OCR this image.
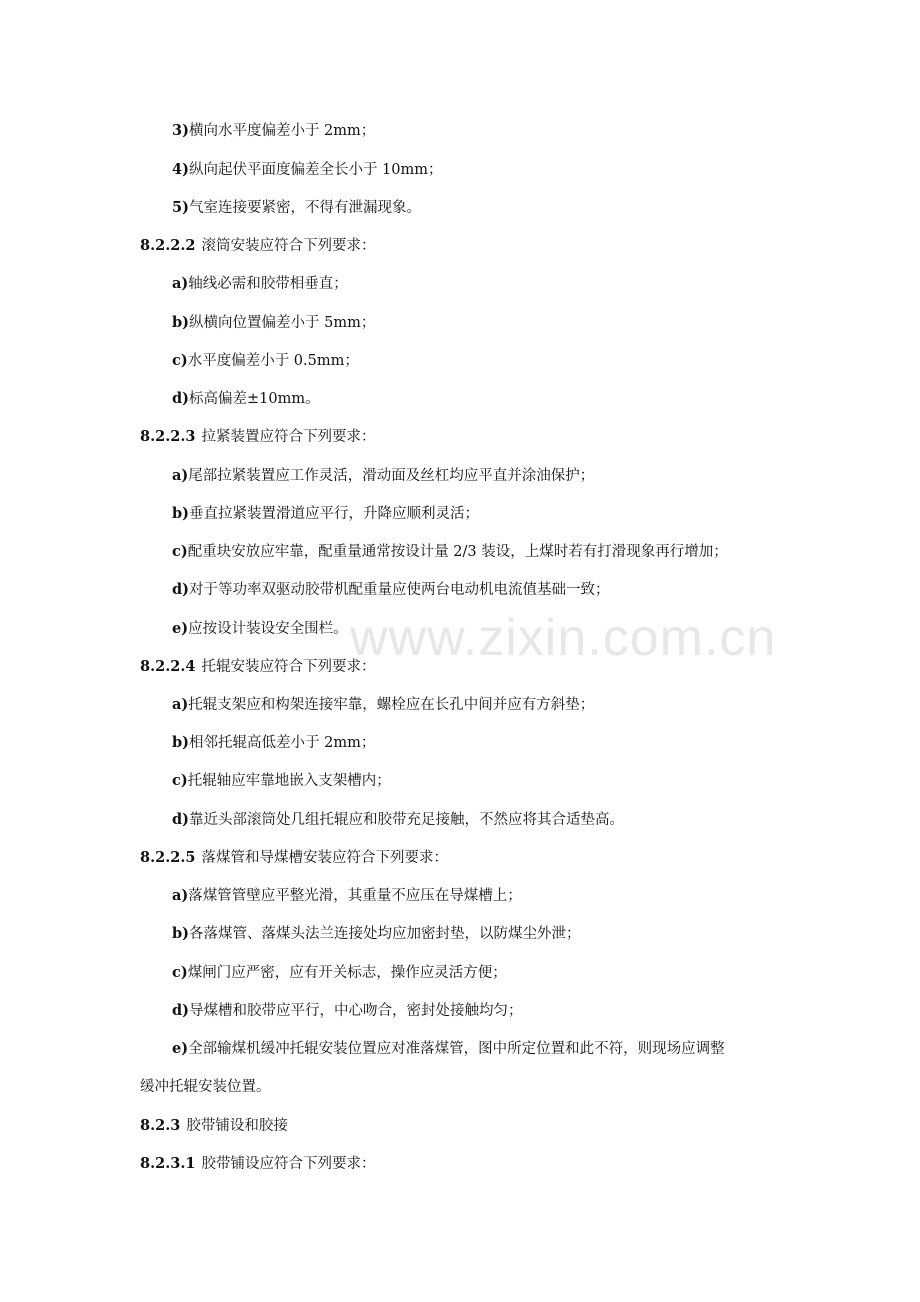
www.zixin.com.cn
3)横向水平度偏差小于 2mm；
4)纵向起伏平面度偏差全长小于 10mm；
5)气室连接要紧密，不得有泄漏现象。
8.2.2.2 滚筒安装应符合下列要求：
a)轴线必需和胶带相垂直；
b)纵横向位置偏差小于 5mm；
c)水平度偏差小于 0.5mm；
d)标高偏差±10mm。
8.2.2.3 拉紧装置应符合下列要求：
a)尾部拉紧装置应工作灵活，滑动面及丝杠均应平直并涂油保护；
b)垂直拉紧装置滑道应平行，升降应顺利灵活；
c)配重块安放应牢靠，配重量通常按设计量 2/3 装设，上煤时若有打滑现象再行增加；
d)对于等功率双驱动胶带机配重量应使两台电动机电流值基础一致；
e)应按设计装设安全围栏。
8.2.2.4 托辊安装应符合下列要求：
a)托辊支架应和构架连接牢靠，螺栓应在长孔中间并应有方斜垫；
b)相邻托辊高低差小于 2mm；
c)托辊轴应牢靠地嵌入支架槽内；
d)靠近头部滚筒处几组托辊应和胶带充足接触，不然应将其合适垫高。
8.2.2.5 落煤管和导煤槽安装应符合下列要求：
a)落煤管管壁应平整光滑，其重量不应压在导煤槽上；
b)各落煤管、落煤头法兰连接处均应加密封垫，以防煤尘外泄；
c)煤闸门应严密，应有开关标志，操作应灵活方便；
d)导煤槽和胶带应平行，中心吻合，密封处接触均匀；
e)全部输煤机缓冲托辊安装位置应对准落煤管，图中所定位置和此不符，则现场应调整
缓冲托辊安装位置。
8.2.3 胶带铺设和胶接
8.2.3.1 胶带铺设应符合下列要求：
